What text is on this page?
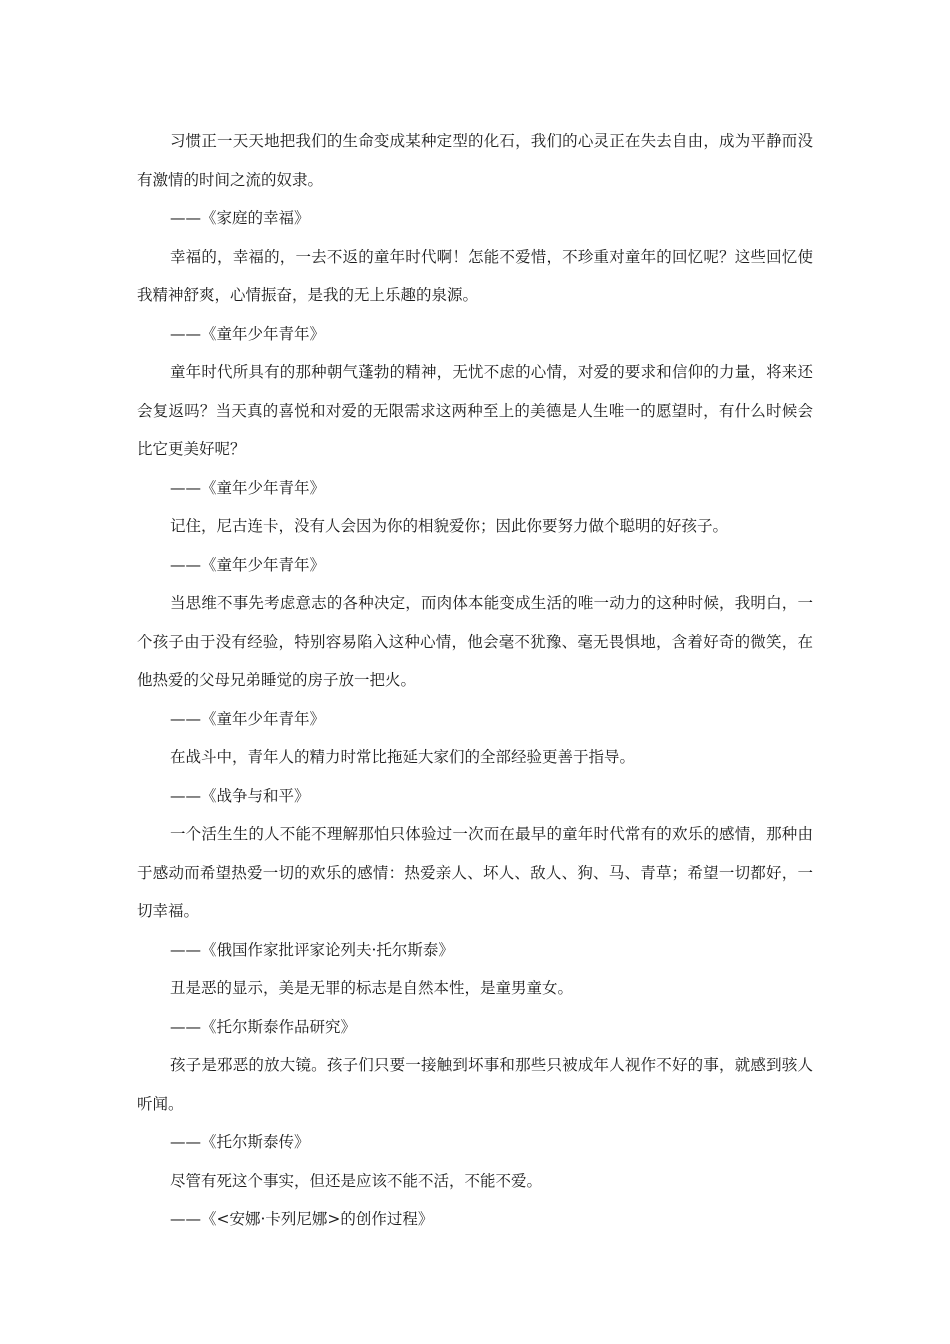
习惯正一天天地把我们的生命变成某种定型的化石，我们的心灵正在失去自由，成为平静而没有激情的时间之流的奴隶。

——《家庭的幸福》

幸福的，幸福的，一去不返的童年时代啊！怎能不爱惜，不珍重对童年的回忆呢？这些回忆使我精神舒爽，心情振奋，是我的无上乐趣的泉源。

——《童年少年青年》

童年时代所具有的那种朝气蓬勃的精神，无忧不虑的心情，对爱的要求和信仰的力量，将来还会复返吗？当天真的喜悦和对爱的无限需求这两种至上的美德是人生唯一的愿望时，有什么时候会比它更美好呢？

——《童年少年青年》

记住，尼古连卡，没有人会因为你的相貌爱你；因此你要努力做个聪明的好孩子。

——《童年少年青年》

当思维不事先考虑意志的各种决定，而肉体本能变成生活的唯一动力的这种时候，我明白，一个孩子由于没有经验，特别容易陷入这种心情，他会毫不犹豫、毫无畏惧地，含着好奇的微笑，在他热爱的父母兄弟睡觉的房子放一把火。

——《童年少年青年》

在战斗中，青年人的精力时常比拖延大家们的全部经验更善于指导。

——《战争与和平》

一个活生生的人不能不理解那怕只体验过一次而在最早的童年时代常有的欢乐的感情，那种由于感动而希望热爱一切的欢乐的感情：热爱亲人、坏人、敌人、狗、马、青草；希望一切都好，一切幸福。

——《俄国作家批评家论列夫·托尔斯泰》

丑是恶的显示，美是无罪的标志是自然本性，是童男童女。

——《托尔斯泰作品研究》

孩子是邪恶的放大镜。孩子们只要一接触到坏事和那些只被成年人视作不好的事，就感到骇人听闻。

——《托尔斯泰传》

尽管有死这个事实，但还是应该不能不活，不能不爱。

——《<安娜·卡列尼娜>的创作过程》
